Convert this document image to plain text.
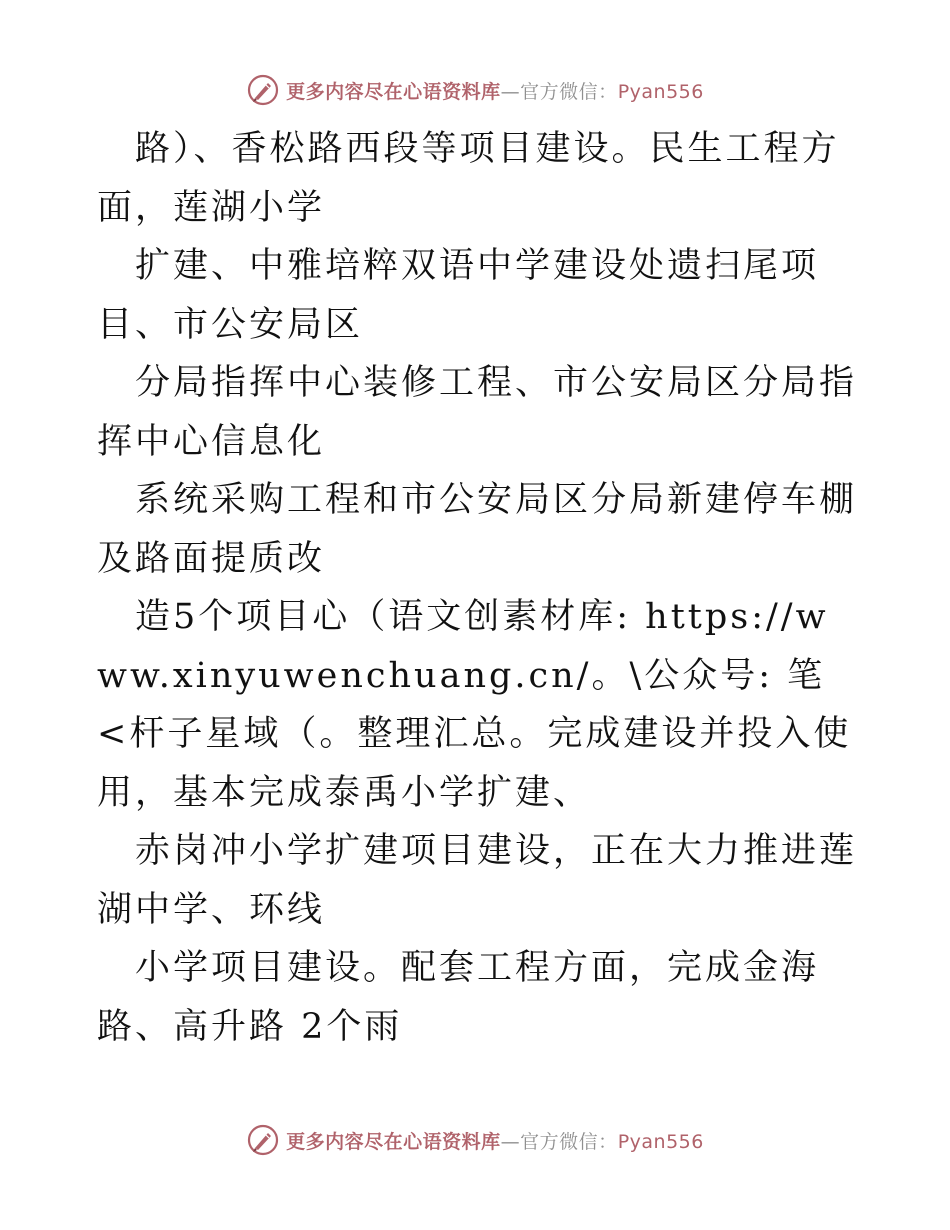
更多内容尽在心语资料库—官方微信：Pyan556

路）、香松路西段等项目建设。民生工程方面，莲湖小学

扩建、中雅培粹双语中学建设处遗扫尾项目、市公安局区

分局指挥中心装修工程、市公安局区分局指挥中心信息化

系统采购工程和市公安局区分局新建停车棚及路面提质改

造5个项目心（语文创素材库: https://www.xinyuwenchuang.cn/。\公众号: 笔<杆子星域（。整理汇总。完成建设并投入使用，基本完成泰禹小学扩建、

赤岗冲小学扩建项目建设，正在大力推进莲湖中学、环线

小学项目建设。配套工程方面，完成金海路、高升路 2个雨

更多内容尽在心语资料库—官方微信：Pyan556
